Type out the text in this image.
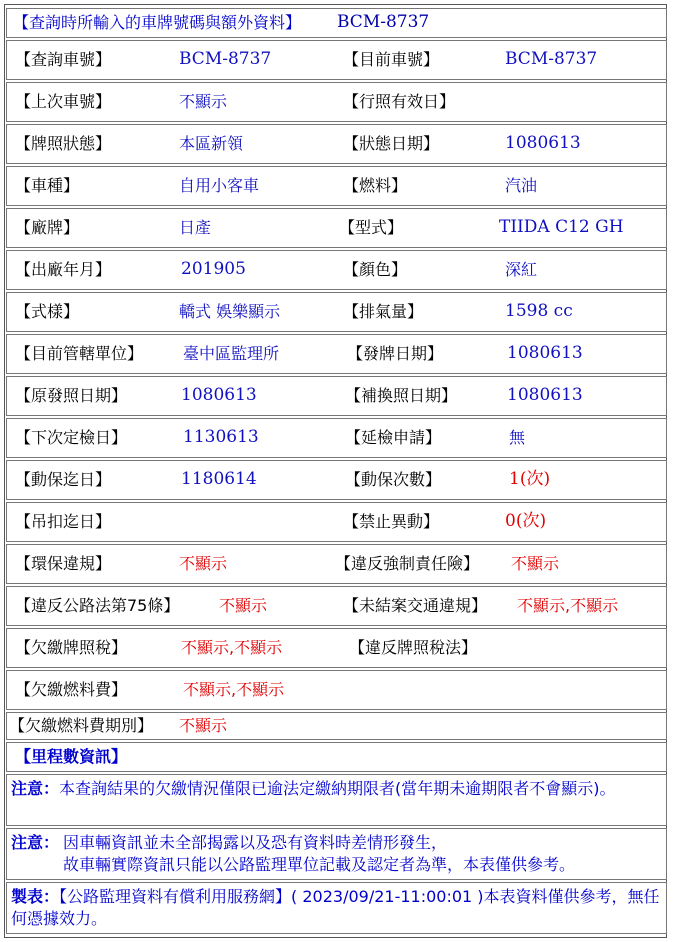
【查詢時所輸入的車牌號碼與額外資料】 BCM-8737
【查詢車號】	BCM-8737	【目前車號】	BCM-8737
【上次車號】	不顯示	【行照有效日】
【牌照狀態】	本區新領	【狀態日期】	1080613
【車種】	自用小客車	【燃料】	汽油
【廠牌】	日產	【型式】	TIIDA C12 GH
【出廠年月】	201905	【顏色】	深紅
【式樣】	轎式 娛樂顯示	【排氣量】	1598 cc
【目前管轄單位】 臺中區監理所	【發牌日期】	1080613
【原發照日期】	1080613	【補換照日期】	1080613
【下次定檢日】	1130613	【延檢申請】	無
【動保迄日】	1180614	【動保次數】	1(次)
【吊扣迄日】	【禁止異動】	0(次)
【環保違規】	不顯示	【違反強制責任險】 不顯示
【違反公路法第75條】 不顯示	【未結案交通違規】 不顯示,不顯示
【欠繳牌照稅】	不顯示,不顯示	【違反牌照稅法】
【欠繳燃料費】	不顯示,不顯示
【欠繳燃料費期別】 不顯示
【里程數資訊】
注意：本查詢結果的欠繳情況僅限已逾法定繳納期限者(當年期未逾期限者不會顯示)。
注意： 因車輛資訊並未全部揭露以及恐有資料時差情形發生，
故車輛實際資訊只能以公路監理單位記載及認定者為準，本表僅供參考。
製表：【公路監理資料有償利用服務網】( 2023/09/21-11:00:01 )本表資料僅供參考，無任何憑據效力。
